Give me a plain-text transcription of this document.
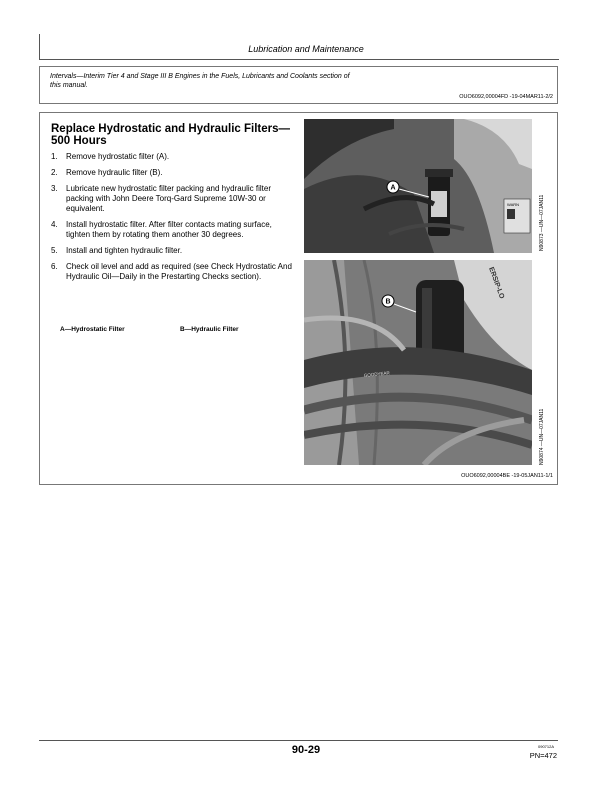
Lubrication and Maintenance
Intervals—Interim Tier 4 and Stage III B Engines in the Fuels, Lubricants and Coolants section of this manual.
OUO6092,00004FD -19-04MAR11-2/2
Replace Hydrostatic and Hydraulic Filters—500 Hours
1. Remove hydrostatic filter (A).
2. Remove hydraulic filter (B).
3. Lubricate new hydrostatic filter packing and hydraulic filter packing with John Deere Torq-Gard Supreme 10W-30 or equivalent.
4. Install hydrostatic filter. After filter contacts mating surface, tighten them by rotating them another 30 degrees.
5. Install and tighten hydraulic filter.
6. Check oil level and add as required (see Check Hydrostatic And Hydraulic Oil—Daily in the Prestarting Checks section).
A—Hydrostatic Filter	B—Hydraulic Filter
WARN
A
N90873 —UN—07JAN11
ERSIP-LO
GOODYEAR
B
N90874 —UN—07JAN11
OUO6092,00004BE -19-05JAN11-1/1
90-29	090712A
PN=472
